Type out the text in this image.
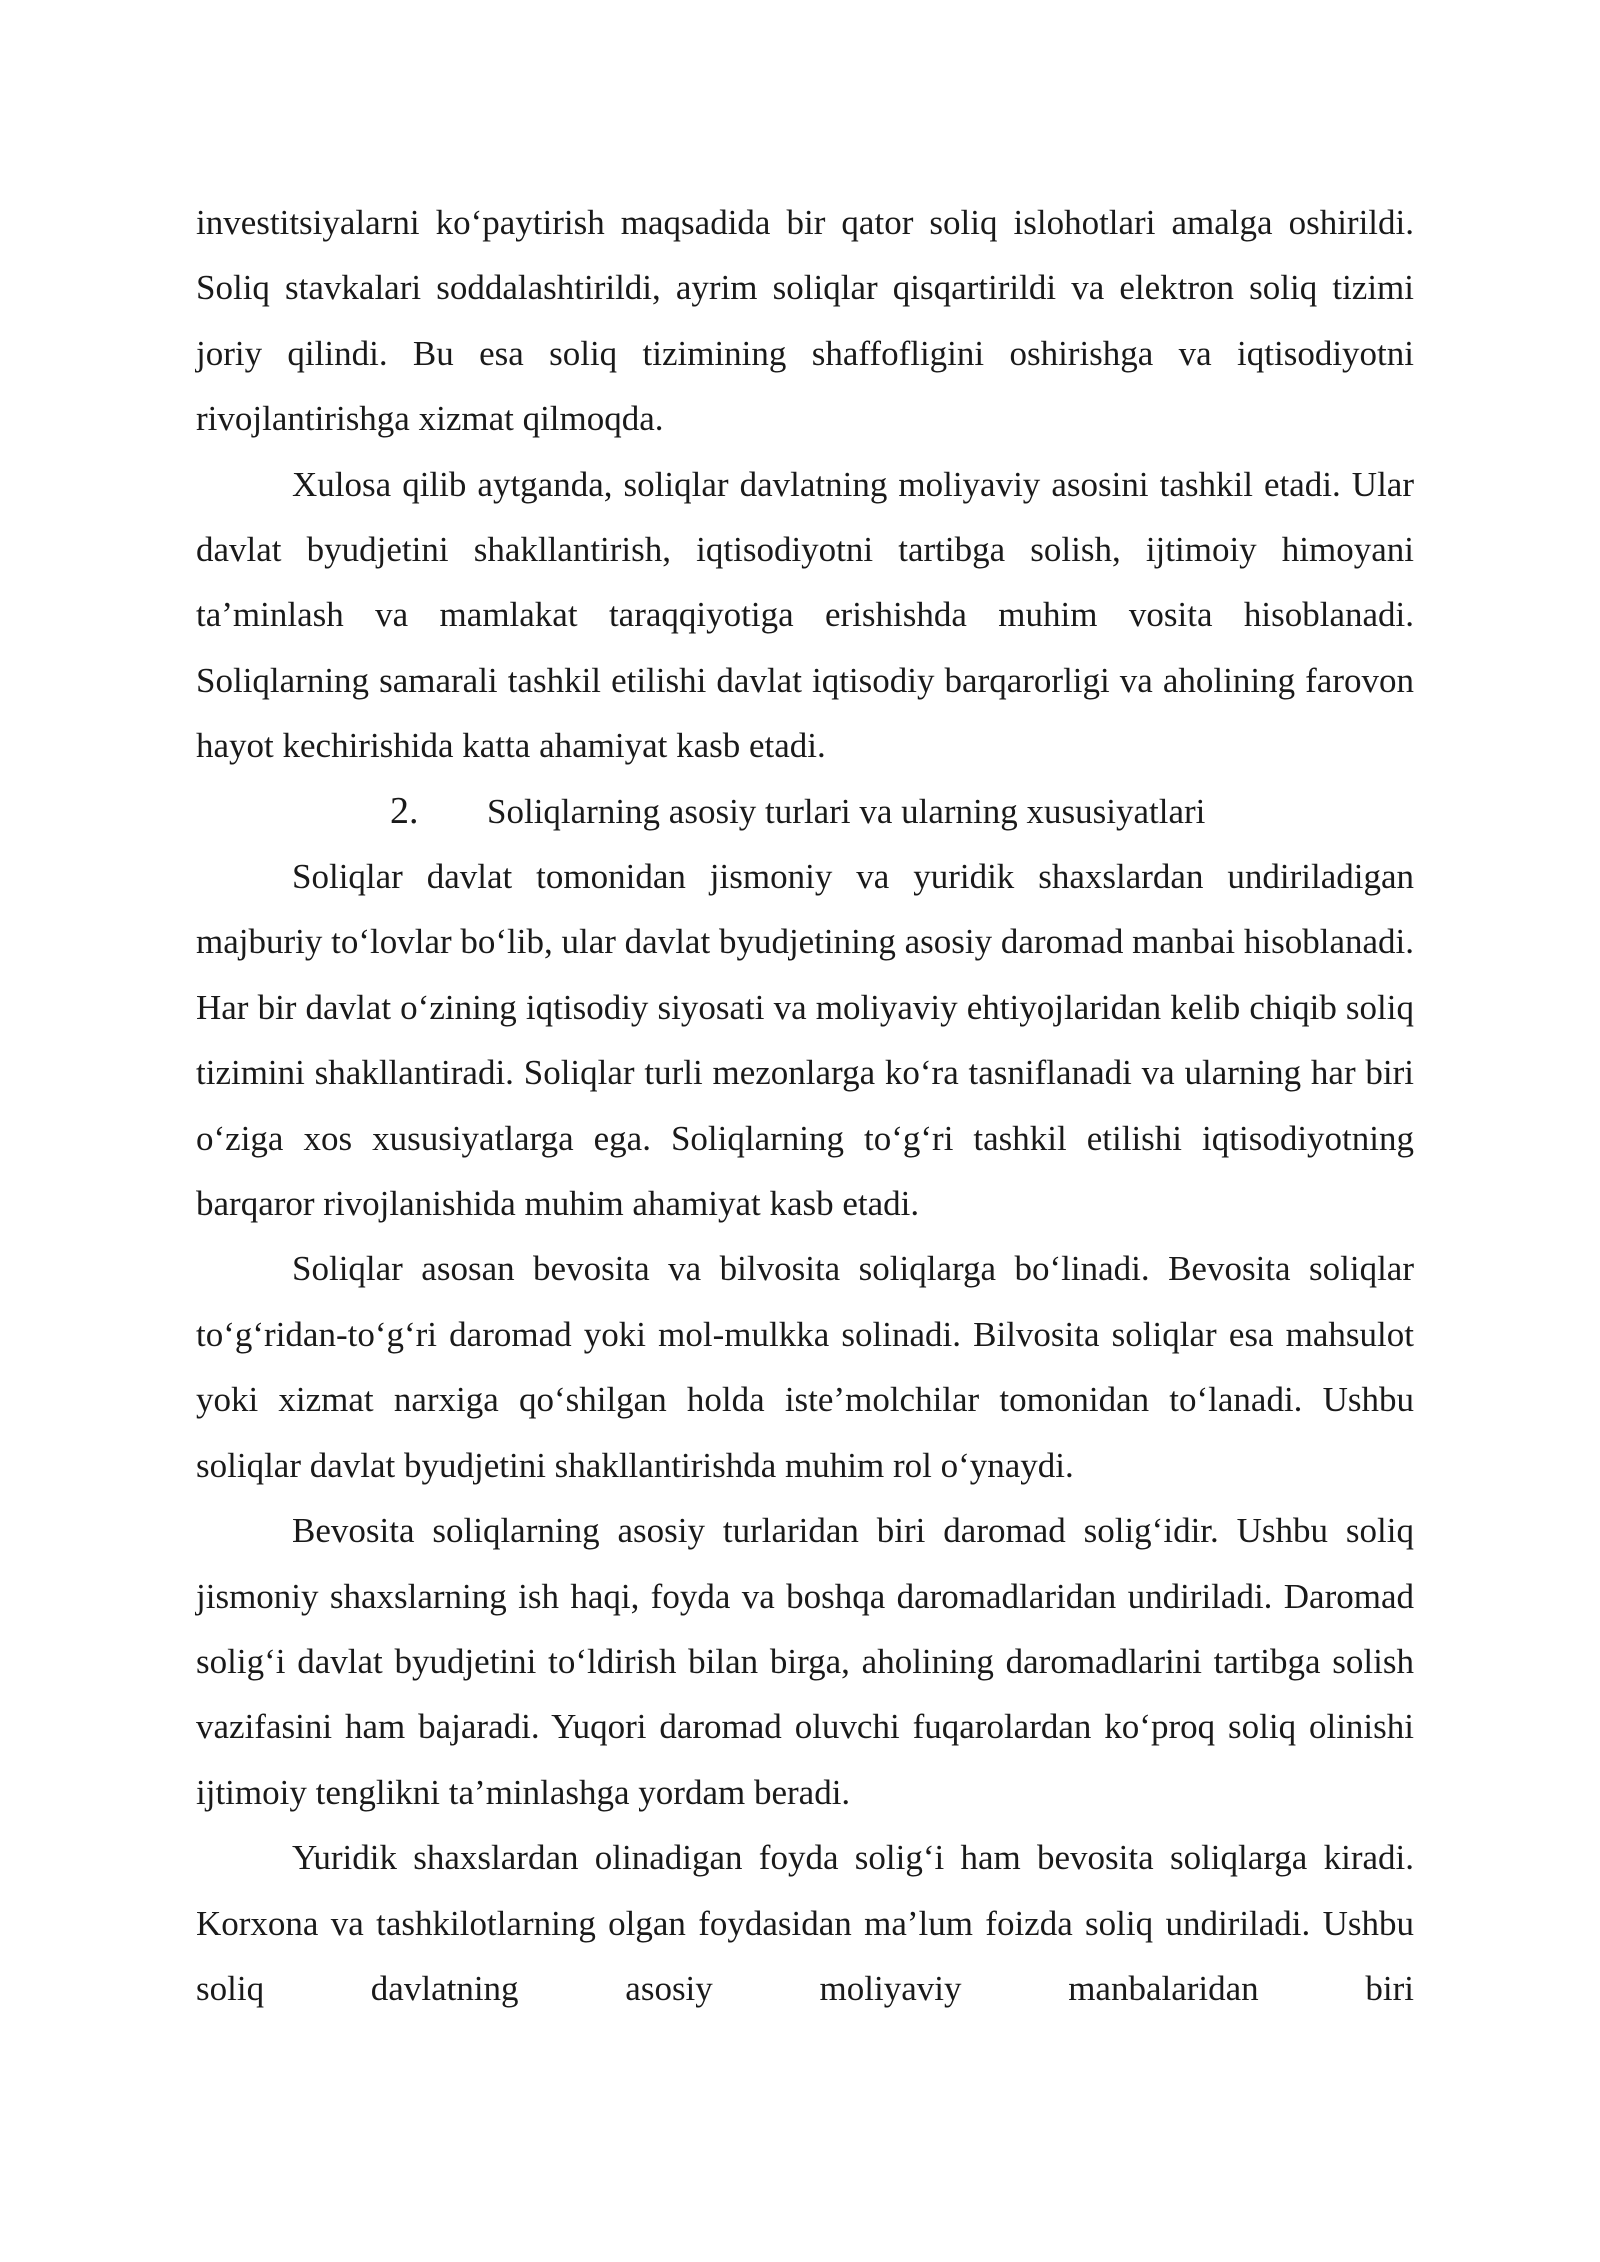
investitsiyalarni ko‘paytirish maqsadida bir qator soliq islohotlari amalga oshirildi. Soliq stavkalari soddalashtirildi, ayrim soliqlar qisqartirildi va elektron soliq tizimi joriy qilindi. Bu esa soliq tizimining shaffofligini oshirishga va iqtisodiyotni rivojlantirishga xizmat qilmoqda.

Xulosa qilib aytganda, soliqlar davlatning moliyaviy asosini tashkil etadi. Ular davlat byudjetini shakllantirish, iqtisodiyotni tartibga solish, ijtimoiy himoyani ta’minlash va mamlakat taraqqiyotiga erishishda muhim vosita hisoblanadi. Soliqlarning samarali tashkil etilishi davlat iqtisodiy barqarorligi va aholining farovon hayot kechirishida katta ahamiyat kasb etadi.

2. Soliqlarning asosiy turlari va ularning xususiyatlari

Soliqlar davlat tomonidan jismoniy va yuridik shaxslardan undiriladigan majburiy to‘lovlar bo‘lib, ular davlat byudjetining asosiy daromad manbai hisoblanadi. Har bir davlat o‘zining iqtisodiy siyosati va moliyaviy ehtiyojlaridan kelib chiqib soliq tizimini shakllantiradi. Soliqlar turli mezonlarga ko‘ra tasniflanadi va ularning har biri o‘ziga xos xususiyatlarga ega. Soliqlarning to‘g‘ri tashkil etilishi iqtisodiyotning barqaror rivojlanishida muhim ahamiyat kasb etadi.

Soliqlar asosan bevosita va bilvosita soliqlarga bo‘linadi. Bevosita soliqlar to‘g‘ridan-to‘g‘ri daromad yoki mol-mulkka solinadi. Bilvosita soliqlar esa mahsulot yoki xizmat narxiga qo‘shilgan holda iste’molchilar tomonidan to‘lanadi. Ushbu soliqlar davlat byudjetini shakllantirishda muhim rol o‘ynaydi.

Bevosita soliqlarning asosiy turlaridan biri daromad solig‘idir. Ushbu soliq jismoniy shaxslarning ish haqi, foyda va boshqa daromadlaridan undiriladi. Daromad solig‘i davlat byudjetini to‘ldirish bilan birga, aholining daromadlarini tartibga solish vazifasini ham bajaradi. Yuqori daromad oluvchi fuqarolardan ko‘proq soliq olinishi ijtimoiy tenglikni ta’minlashga yordam beradi.

Yuridik shaxslardan olinadigan foyda solig‘i ham bevosita soliqlarga kiradi. Korxona va tashkilotlarning olgan foydasidan ma’lum foizda soliq undiriladi. Ushbu soliq davlatning asosiy moliyaviy manbalaridan biri
